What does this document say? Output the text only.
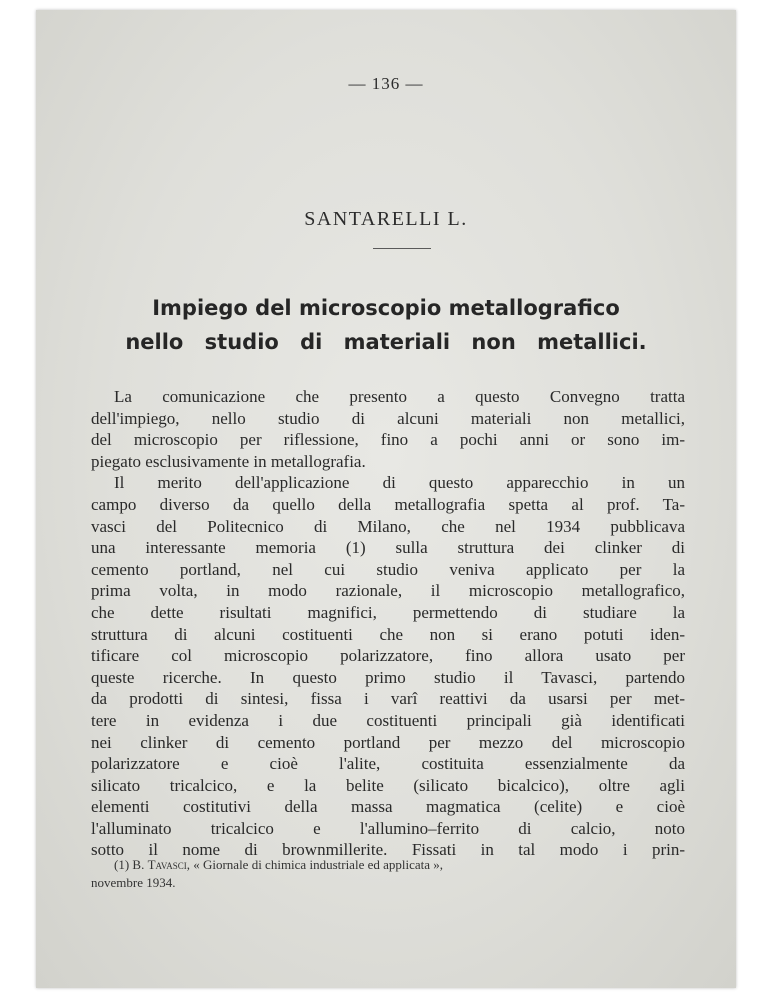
— 136 —
SANTARELLI L.
Impiego del microscopio metallografico
nello studio di materiali non metallici.
La comunicazione che presento a questo Convegno tratta
dell'impiego, nello studio di alcuni materiali non metallici,
del microscopio per riflessione, fino a pochi anni or sono im-
piegato esclusivamente in metallografia.
Il merito dell'applicazione di questo apparecchio in un
campo diverso da quello della metallografia spetta al prof. Ta-
vasci del Politecnico di Milano, che nel 1934 pubblicava
una interessante memoria (1) sulla struttura dei clinker di
cemento portland, nel cui studio veniva applicato per la
prima volta, in modo razionale, il microscopio metallografico,
che dette risultati magnifici, permettendo di studiare la
struttura di alcuni costituenti che non si erano potuti iden-
tificare col microscopio polarizzatore, fino allora usato per
queste ricerche. In questo primo studio il Tavasci, partendo
da prodotti di sintesi, fissa i varî reattivi da usarsi per met-
tere in evidenza i due costituenti principali già identificati
nei clinker di cemento portland per mezzo del microscopio
polarizzatore e cioè l'alite, costituita essenzialmente da
silicato tricalcico, e la belite (silicato bicalcico), oltre agli
elementi costitutivi della massa magmatica (celite) e cioè
l'alluminato tricalcico e l'allumino–ferrito di calcio, noto
sotto il nome di brownmillerite. Fissati in tal modo i prin-
(1) B. Tavasci, « Giornale di chimica industriale ed applicata »,
novembre 1934.
